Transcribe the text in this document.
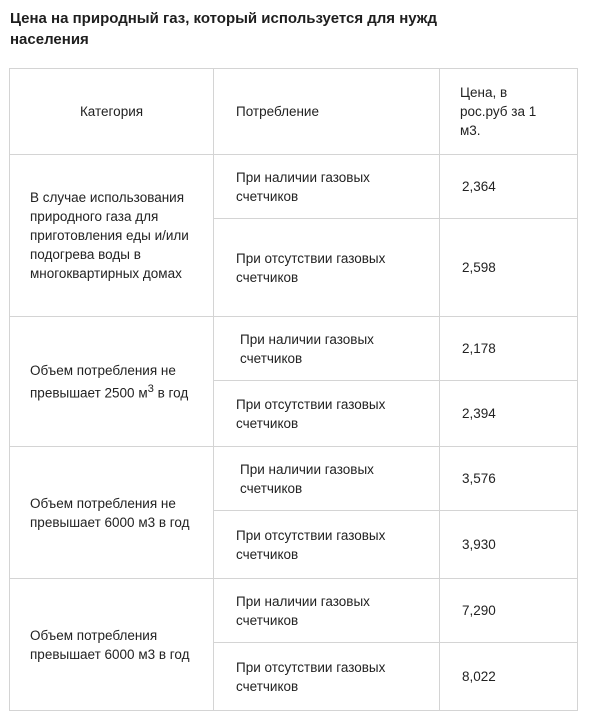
Цена на природный газ, который используется для нужд населения
Категория	Потребление	Цена, в рос.руб за 1 м3.
В случае использования природного газа для приготовления еды и/или подогрева воды в многоквартирных домах	При наличии газовых счетчиков	2,364
	При отсутствии газовых счетчиков	2,598
Объем потребления не превышает 2500 $м^3$ в год	При наличии газовых счетчиков	2,178
	При отсутствии газовых счетчиков	2,394
Объем потребления не превышает 6000 м3 в год	При наличии газовых счетчиков	3,576
	При отсутствии газовых счетчиков	3,930
Объем потребления превышает 6000 м3 в год	При наличии газовых счетчиков	7,290
	При отсутствии газовых счетчиков	8,022
